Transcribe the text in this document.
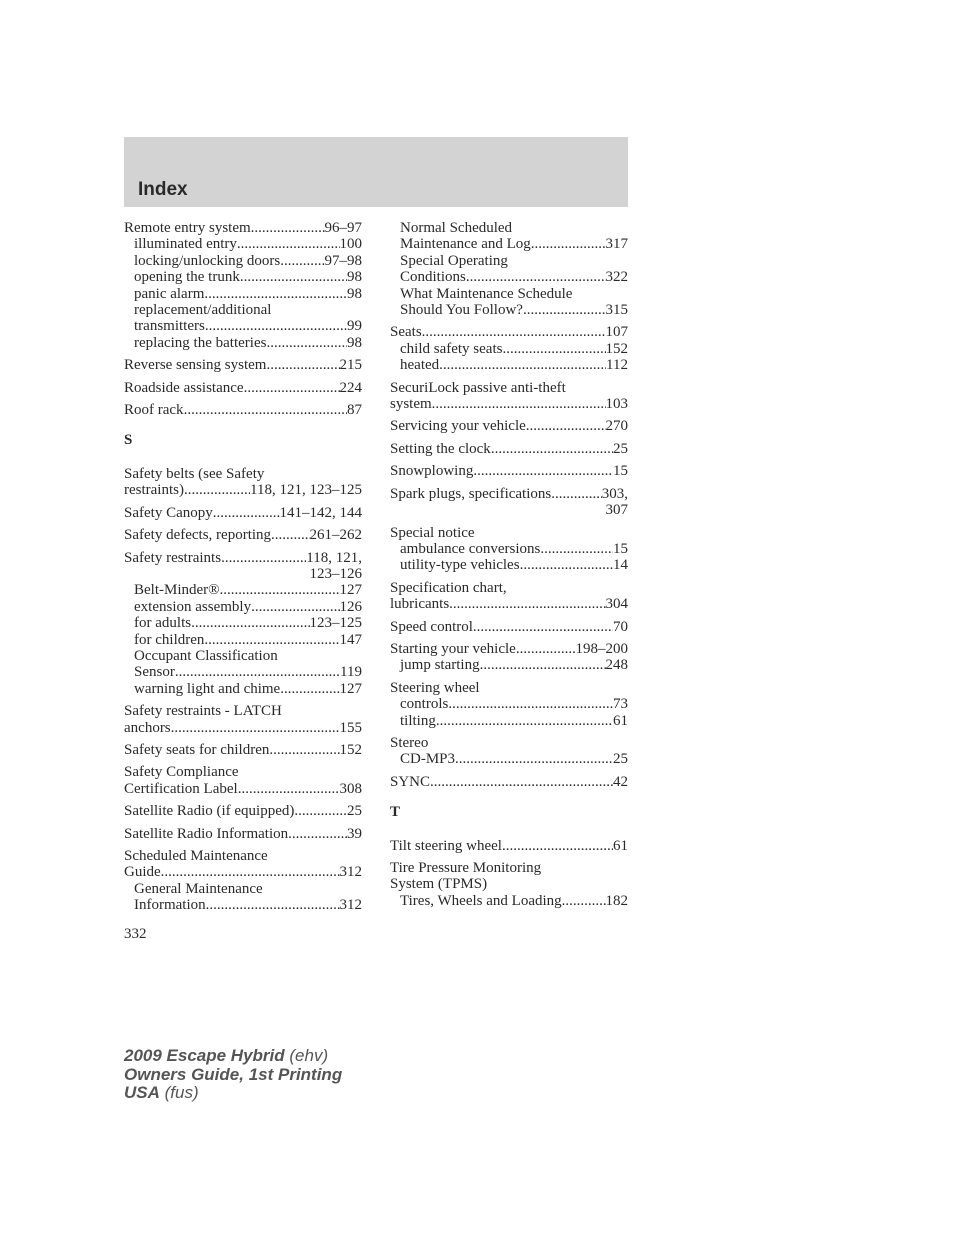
Index
Remote entry system .....	96–97
illuminated entry .....	100
locking/unlocking doors .....	97–98
opening the trunk .....	98
panic alarm .....	98
replacement/additional
transmitters .....	99
replacing the batteries .....	98
Reverse sensing system .....	215
Roadside assistance .....	224
Roof rack .....	87
S
Safety belts (see Safety
restraints) .....	118, 121, 123–125
Safety Canopy .....	141–142, 144
Safety defects, reporting .....	261–262
Safety restraints .....	118, 121,
123–126
Belt-Minder® .....	127
extension assembly .....	126
for adults .....	123–125
for children .....	147
Occupant Classification
Sensor .....	119
warning light and chime .....	127
Safety restraints - LATCH
anchors .....	155
Safety seats for children .....	152
Safety Compliance
Certification Label .....	308
Satellite Radio (if equipped) .....	25
Satellite Radio Information .....	39
Scheduled Maintenance
Guide .....	312
General Maintenance
Information .....	312
Normal Scheduled
Maintenance and Log .....	317
Special Operating
Conditions .....	322
What Maintenance Schedule
Should You Follow? .....	315
Seats .....	107
child safety seats .....	152
heated .....	112
SecuriLock passive anti-theft
system .....	103
Servicing your vehicle .....	270
Setting the clock .....	25
Snowplowing .....	15
Spark plugs, specifications .....	303,
307
Special notice
ambulance conversions .....	15
utility-type vehicles .....	14
Specification chart,
lubricants .....	304
Speed control .....	70
Starting your vehicle .....	198–200
jump starting .....	248
Steering wheel
controls .....	73
tilting .....	61
Stereo
CD-MP3 .....	25
SYNC .....	42
T
Tilt steering wheel .....	61
Tire Pressure Monitoring
System (TPMS)
Tires, Wheels and Loading .....	182
332
2009 Escape Hybrid (ehv)
Owners Guide, 1st Printing
USA (fus)
